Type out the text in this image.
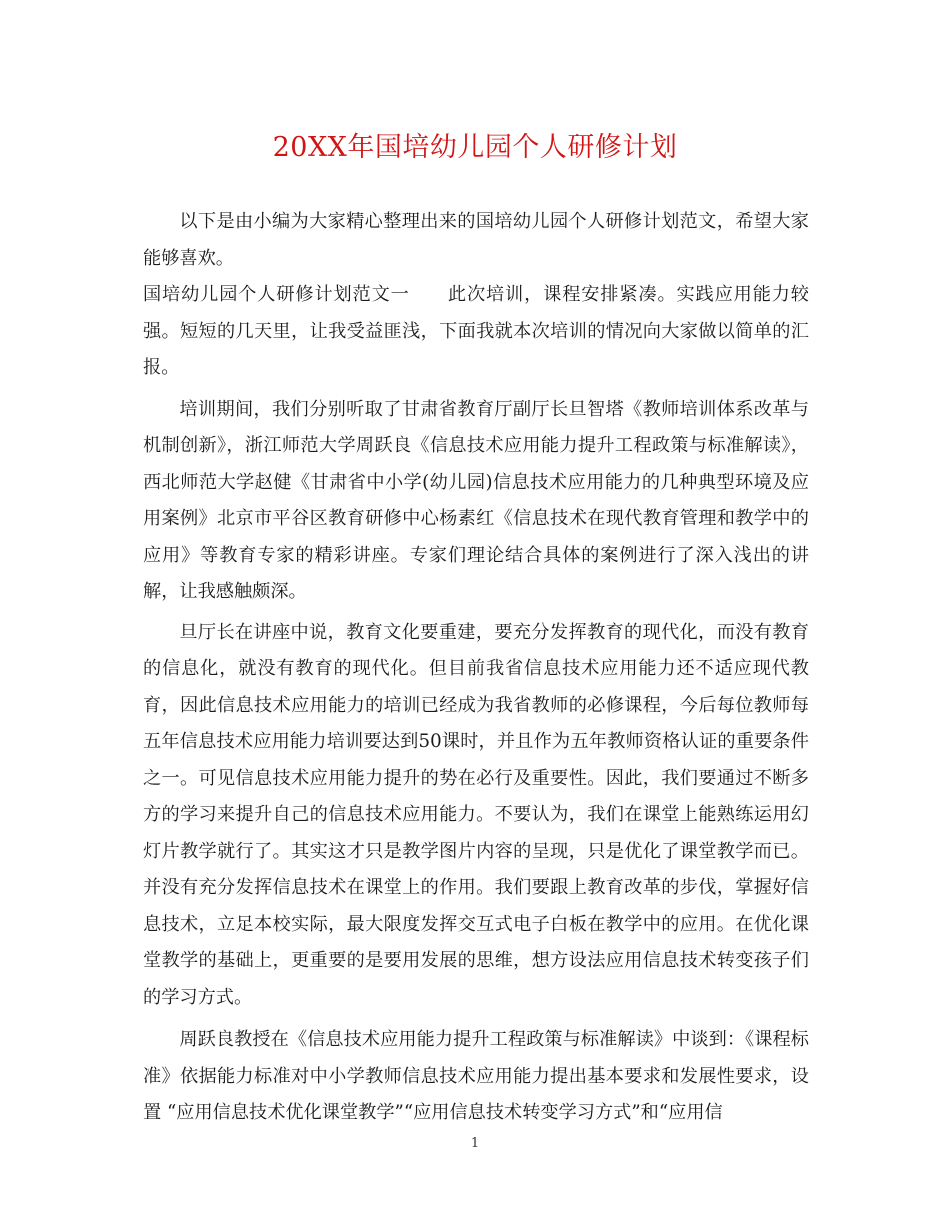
20XX年国培幼儿园个人研修计划

以下是由小编为大家精心整理出来的国培幼儿园个人研修计划范文，希望大家能够喜欢。

国培幼儿园个人研修计划范文一 此次培训，课程安排紧凑。实践应用能力较强。短短的几天里，让我受益匪浅，下面我就本次培训的情况向大家做以简单的汇报。

培训期间，我们分别听取了甘肃省教育厅副厅长旦智塔《教师培训体系改革与机制创新》，浙江师范大学周跃良《信息技术应用能力提升工程政策与标准解读》，西北师范大学赵健《甘肃省中小学(幼儿园)信息技术应用能力的几种典型环境及应用案例》北京市平谷区教育研修中心杨素红《信息技术在现代教育管理和教学中的应用》等教育专家的精彩讲座。专家们理论结合具体的案例进行了深入浅出的讲解，让我感触颇深。

旦厅长在讲座中说，教育文化要重建，要充分发挥教育的现代化，而没有教育的信息化，就没有教育的现代化。但目前我省信息技术应用能力还不适应现代教育，因此信息技术应用能力的培训已经成为我省教师的必修课程，今后每位教师每五年信息技术应用能力培训要达到50课时，并且作为五年教师资格认证的重要条件之一。可见信息技术应用能力提升的势在必行及重要性。因此，我们要通过不断多方的学习来提升自己的信息技术应用能力。不要认为，我们在课堂上能熟练运用幻灯片教学就行了。其实这才只是教学图片内容的呈现，只是优化了课堂教学而已。并没有充分发挥信息技术在课堂上的作用。我们要跟上教育改革的步伐，掌握好信息技术，立足本校实际，最大限度发挥交互式电子白板在教学中的应用。在优化课堂教学的基础上，更重要的是要用发展的思维，想方设法应用信息技术转变孩子们的学习方式。

周跃良教授在《信息技术应用能力提升工程政策与标准解读》中谈到：《课程标准》依据能力标准对中小学教师信息技术应用能力提出基本要求和发展性要求，设置 “应用信息技术优化课堂教学”“应用信息技术转变学习方式”和“应用信

1
